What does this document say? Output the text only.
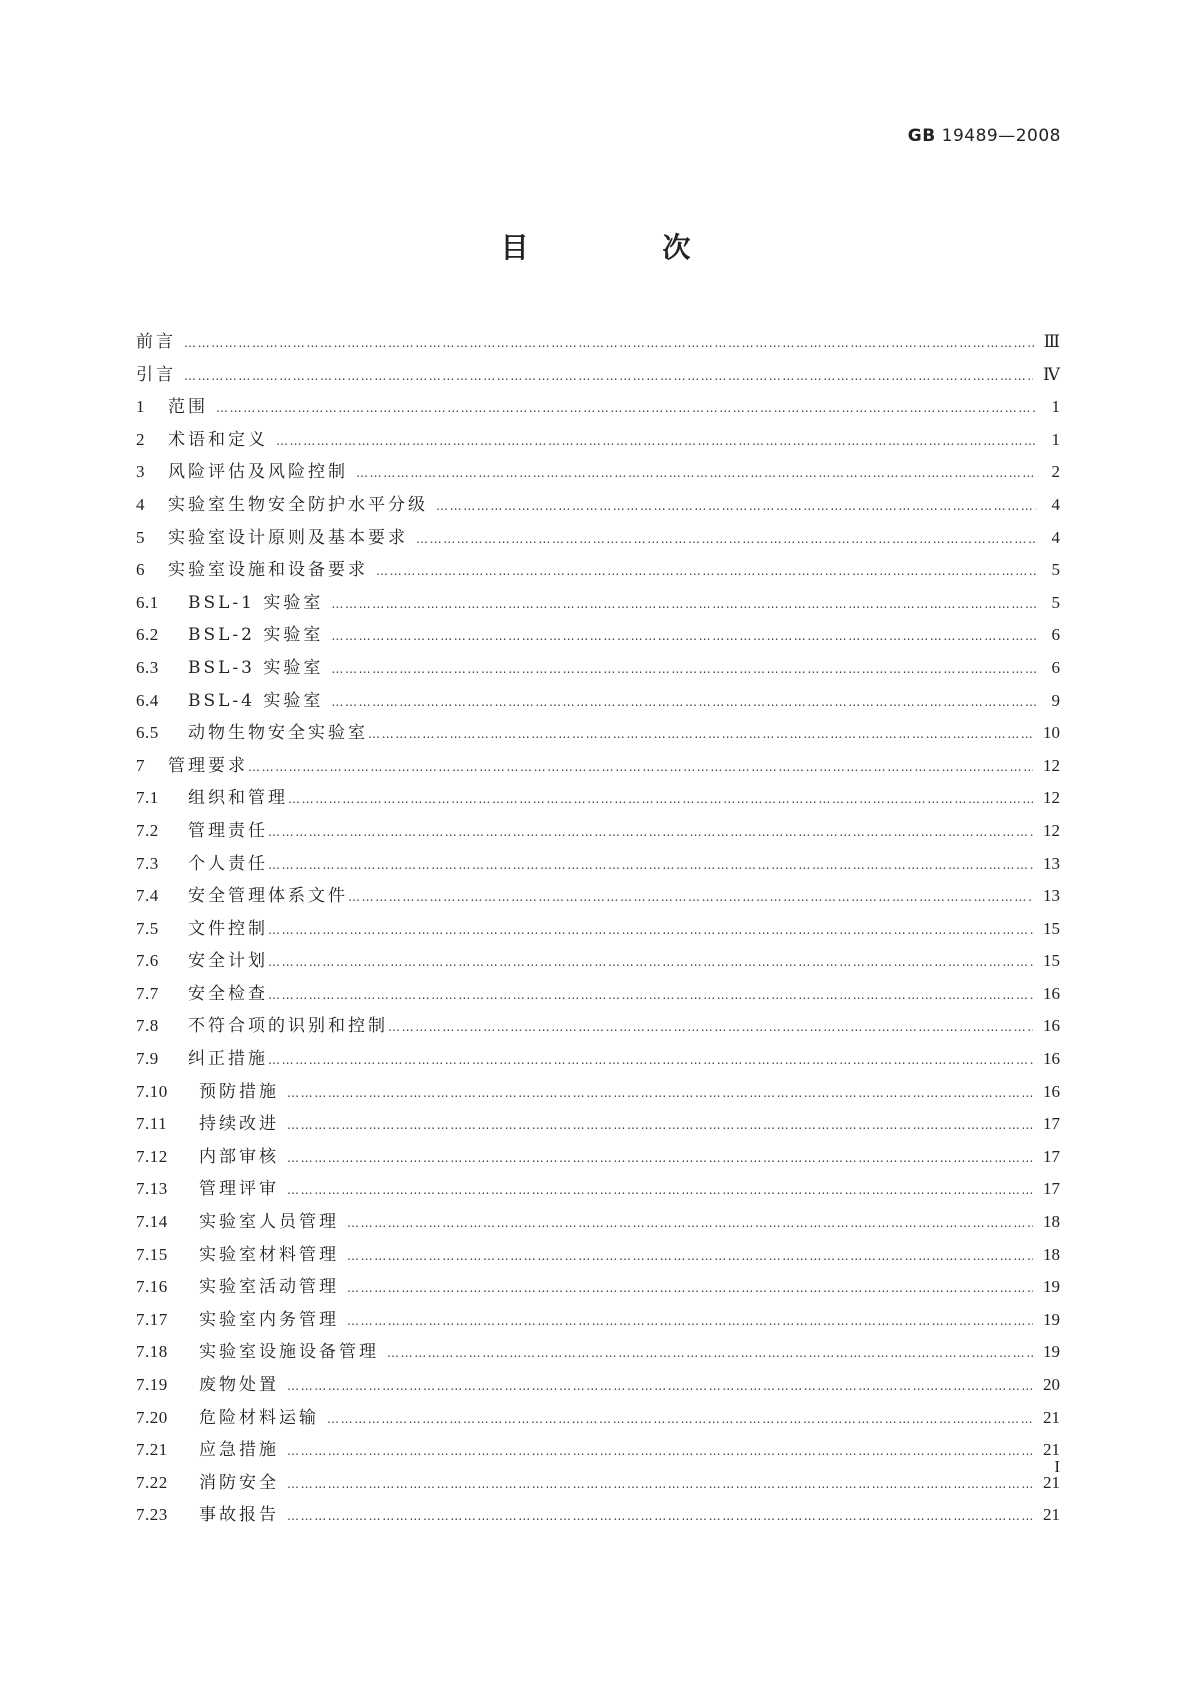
GB 19489—2008
目 次
前言 ………………………………………………………………………………………………………………………………………………………………………………………………	Ⅲ
引言 ………………………………………………………………………………………………………………………………………………………………………………………………	Ⅳ
1	范围 ………………………………………………………………………………………………………………………………………………………………………………………………	1
2	术语和定义 ………………………………………………………………………………………………………………………………………………………………………………………………	1
3	风险评估及风险控制 ………………………………………………………………………………………………………………………………………………………………………………………………	2
4	实验室生物安全防护水平分级 ………………………………………………………………………………………………………………………………………………………………………………………………	4
5	实验室设计原则及基本要求 ………………………………………………………………………………………………………………………………………………………………………………………………	4
6	实验室设施和设备要求 ………………………………………………………………………………………………………………………………………………………………………………………………	5
6.1	BSL-1 实验室 ………………………………………………………………………………………………………………………………………………………………………………………………	5
6.2	BSL-2 实验室 ………………………………………………………………………………………………………………………………………………………………………………………………	6
6.3	BSL-3 实验室 ………………………………………………………………………………………………………………………………………………………………………………………………	6
6.4	BSL-4 实验室 ………………………………………………………………………………………………………………………………………………………………………………………………	9
6.5	动物生物安全实验室 ………………………………………………………………………………………………………………………………………………………………………………………………	10
7	管理要求 ………………………………………………………………………………………………………………………………………………………………………………………………	12
7.1	组织和管理 ………………………………………………………………………………………………………………………………………………………………………………………………	12
7.2	管理责任 ………………………………………………………………………………………………………………………………………………………………………………………………	12
7.3	个人责任 ………………………………………………………………………………………………………………………………………………………………………………………………	13
7.4	安全管理体系文件 ………………………………………………………………………………………………………………………………………………………………………………………………	13
7.5	文件控制 ………………………………………………………………………………………………………………………………………………………………………………………………	15
7.6	安全计划 ………………………………………………………………………………………………………………………………………………………………………………………………	15
7.7	安全检查 ………………………………………………………………………………………………………………………………………………………………………………………………	16
7.8	不符合项的识别和控制 ………………………………………………………………………………………………………………………………………………………………………………………………	16
7.9	纠正措施 ………………………………………………………………………………………………………………………………………………………………………………………………	16
7.10	预防措施 ………………………………………………………………………………………………………………………………………………………………………………………………	16
7.11	持续改进 ………………………………………………………………………………………………………………………………………………………………………………………………	17
7.12	内部审核 ………………………………………………………………………………………………………………………………………………………………………………………………	17
7.13	管理评审 ………………………………………………………………………………………………………………………………………………………………………………………………	17
7.14	实验室人员管理 ………………………………………………………………………………………………………………………………………………………………………………………………	18
7.15	实验室材料管理 ………………………………………………………………………………………………………………………………………………………………………………………………	18
7.16	实验室活动管理 ………………………………………………………………………………………………………………………………………………………………………………………………	19
7.17	实验室内务管理 ………………………………………………………………………………………………………………………………………………………………………………………………	19
7.18	实验室设施设备管理 ………………………………………………………………………………………………………………………………………………………………………………………………	19
7.19	废物处置 ………………………………………………………………………………………………………………………………………………………………………………………………	20
7.20	危险材料运输 ………………………………………………………………………………………………………………………………………………………………………………………………	21
7.21	应急措施 ………………………………………………………………………………………………………………………………………………………………………………………………	21
7.22	消防安全 ………………………………………………………………………………………………………………………………………………………………………………………………	21
7.23	事故报告 ………………………………………………………………………………………………………………………………………………………………………………………………	21
I
